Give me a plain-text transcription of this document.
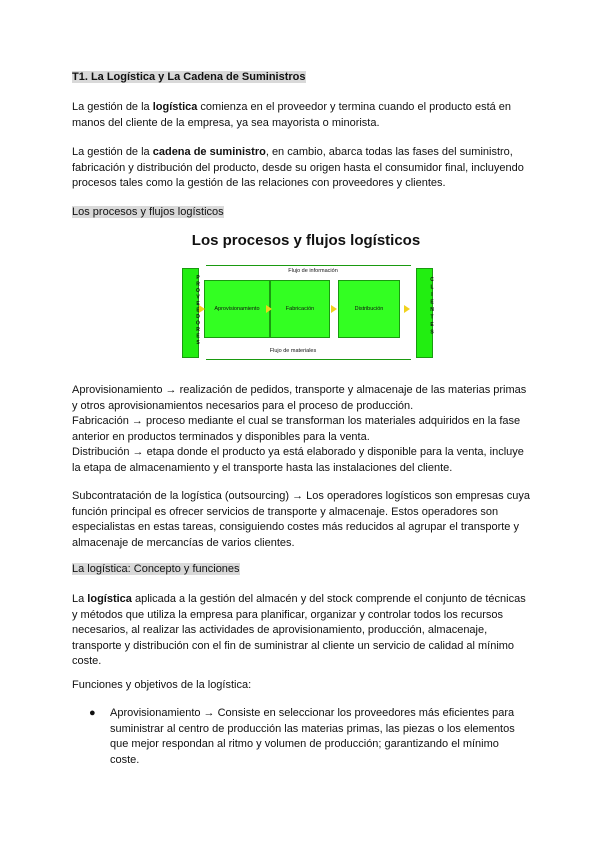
T1. La Logística y La Cadena de Suministros

La gestión de la logística comienza en el proveedor y termina cuando el producto está en manos del cliente de la empresa, ya sea mayorista o minorista.

La gestión de la cadena de suministro, en cambio, abarca todas las fases del suministro, fabricación y distribución del producto, desde su origen hasta el consumidor final, incluyendo procesos tales como la gestión de las relaciones con proveedores y clientes.

Los procesos y flujos logísticos

Los procesos y flujos logísticos
PROVEEDORES	CLIENTES
Flujo de información
Aprovisionamiento	Fabricación	Distribución
Flujo de materiales

Aprovisionamiento → realización de pedidos, transporte y almacenaje de las materias primas y otros aprovisionamientos necesarios para el proceso de producción.

Fabricación → proceso mediante el cual se transforman los materiales adquiridos en la fase anterior en productos terminados y disponibles para la venta.

Distribución → etapa donde el producto ya está elaborado y disponible para la venta, incluye la etapa de almacenamiento y el transporte hasta las instalaciones del cliente.

Subcontratación de la logística (outsourcing) → Los operadores logísticos son empresas cuya función principal es ofrecer servicios de transporte y almacenaje. Estos operadores son especialistas en estas tareas, consiguiendo costes más reducidos al agrupar el transporte y almacenaje de mercancías de varios clientes.

La logística: Concepto y funciones

La logística aplicada a la gestión del almacén y del stock comprende el conjunto de técnicas y métodos que utiliza la empresa para planificar, organizar y controlar todos los recursos necesarios, al realizar las actividades de aprovisionamiento, producción, almacenaje, transporte y distribución con el fin de suministrar al cliente un servicio de calidad al mínimo coste.

Funciones y objetivos de la logística:

● Aprovisionamiento → Consiste en seleccionar los proveedores más eficientes para suministrar al centro de producción las materias primas, las piezas o los elementos que mejor respondan al ritmo y volumen de producción; garantizando el mínimo coste.
